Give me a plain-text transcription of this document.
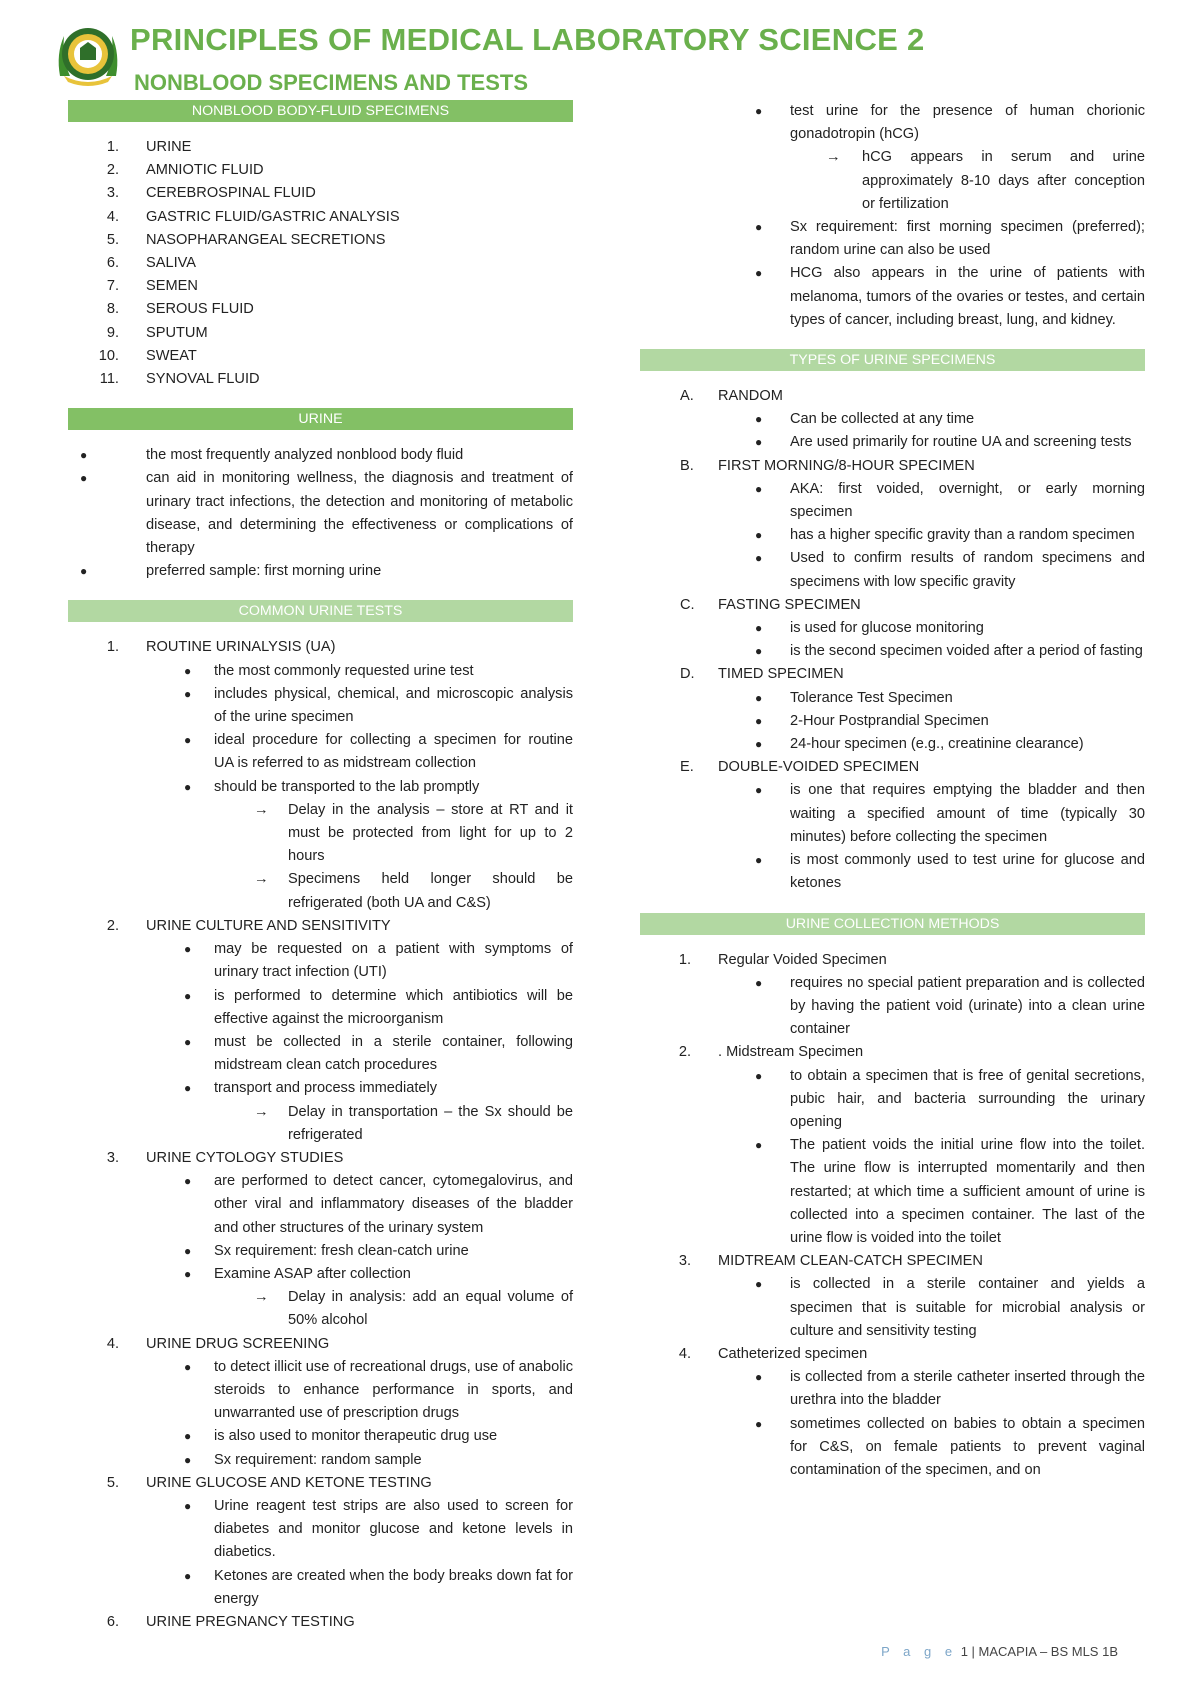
PRINCIPLES OF MEDICAL LABORATORY SCIENCE 2
NONBLOOD SPECIMENS AND TESTS
NONBLOOD BODY-FLUID SPECIMENS
1. URINE
2. AMNIOTIC FLUID
3. CEREBROSPINAL FLUID
4. GASTRIC FLUID/GASTRIC ANALYSIS
5. NASOPHARANGEAL SECRETIONS
6. SALIVA
7. SEMEN
8. SEROUS FLUID
9. SPUTUM
10. SWEAT
11. SYNOVAL FLUID
URINE
●	the most frequently analyzed nonblood body fluid
●	can aid in monitoring wellness, the diagnosis and treatment of urinary tract infections, the detection and monitoring of metabolic disease, and determining the effectiveness or complications of therapy
●	preferred sample: first morning urine
COMMON URINE TESTS
1. ROUTINE URINALYSIS (UA)
● the most commonly requested urine test
● includes physical, chemical, and microscopic analysis of the urine specimen
● ideal procedure for collecting a specimen for routine UA is referred to as midstream collection
● should be transported to the lab promptly
→ Delay in the analysis – store at RT and it must be protected from light for up to 2 hours
→ Specimens held longer should be refrigerated (both UA and C&S)
2. URINE CULTURE AND SENSITIVITY
● may be requested on a patient with symptoms of urinary tract infection (UTI)
● is performed to determine which antibiotics will be effective against the microorganism
● must be collected in a sterile container, following midstream clean catch procedures
● transport and process immediately
→ Delay in transportation – the Sx should be refrigerated
3. URINE CYTOLOGY STUDIES
● are performed to detect cancer, cytomegalovirus, and other viral and inflammatory diseases of the bladder and other structures of the urinary system
● Sx requirement: fresh clean-catch urine
● Examine ASAP after collection
→ Delay in analysis: add an equal volume of 50% alcohol
4. URINE DRUG SCREENING
● to detect illicit use of recreational drugs, use of anabolic steroids to enhance performance in sports, and unwarranted use of prescription drugs
● is also used to monitor therapeutic drug use
● Sx requirement: random sample
5. URINE GLUCOSE AND KETONE TESTING
● Urine reagent test strips are also used to screen for diabetes and monitor glucose and ketone levels in diabetics.
● Ketones are created when the body breaks down fat for energy
6. URINE PREGNANCY TESTING
● test urine for the presence of human chorionic gonadotropin (hCG)
→ hCG appears in serum and urine approximately 8-10 days after conception or fertilization
● Sx requirement: first morning specimen (preferred); random urine can also be used
● HCG also appears in the urine of patients with melanoma, tumors of the ovaries or testes, and certain types of cancer, including breast, lung, and kidney.
TYPES OF URINE SPECIMENS
A.	RANDOM
● Can be collected at any time
● Are used primarily for routine UA and screening tests
B.	FIRST MORNING/8-HOUR SPECIMEN
● AKA: first voided, overnight, or early morning specimen
● has a higher specific gravity than a random specimen
● Used to confirm results of random specimens and specimens with low specific gravity
C.	FASTING SPECIMEN
● is used for glucose monitoring
● is the second specimen voided after a period of fasting
D.	TIMED SPECIMEN
● Tolerance Test Specimen
● 2-Hour Postprandial Specimen
● 24-hour specimen (e.g., creatinine clearance)
E.	DOUBLE-VOIDED SPECIMEN
● is one that requires emptying the bladder and then waiting a specified amount of time (typically 30 minutes) before collecting the specimen
● is most commonly used to test urine for glucose and ketones
URINE COLLECTION METHODS
1. Regular Voided Specimen
● requires no special patient preparation and is collected by having the patient void (urinate) into a clean urine container
2. . Midstream Specimen
● to obtain a specimen that is free of genital secretions, pubic hair, and bacteria surrounding the urinary opening
● The patient voids the initial urine flow into the toilet. The urine flow is interrupted momentarily and then restarted; at which time a sufficient amount of urine is collected into a specimen container. The last of the urine flow is voided into the toilet
3. MIDTREAM CLEAN-CATCH SPECIMEN
● is collected in a sterile container and yields a specimen that is suitable for microbial analysis or culture and sensitivity testing
4. Catheterized specimen
● is collected from a sterile catheter inserted through the urethra into the bladder
● sometimes collected on babies to obtain a specimen for C&S, on female patients to prevent vaginal contamination of the specimen, and on
P a g e 1 | MACAPIA – BS MLS 1B
